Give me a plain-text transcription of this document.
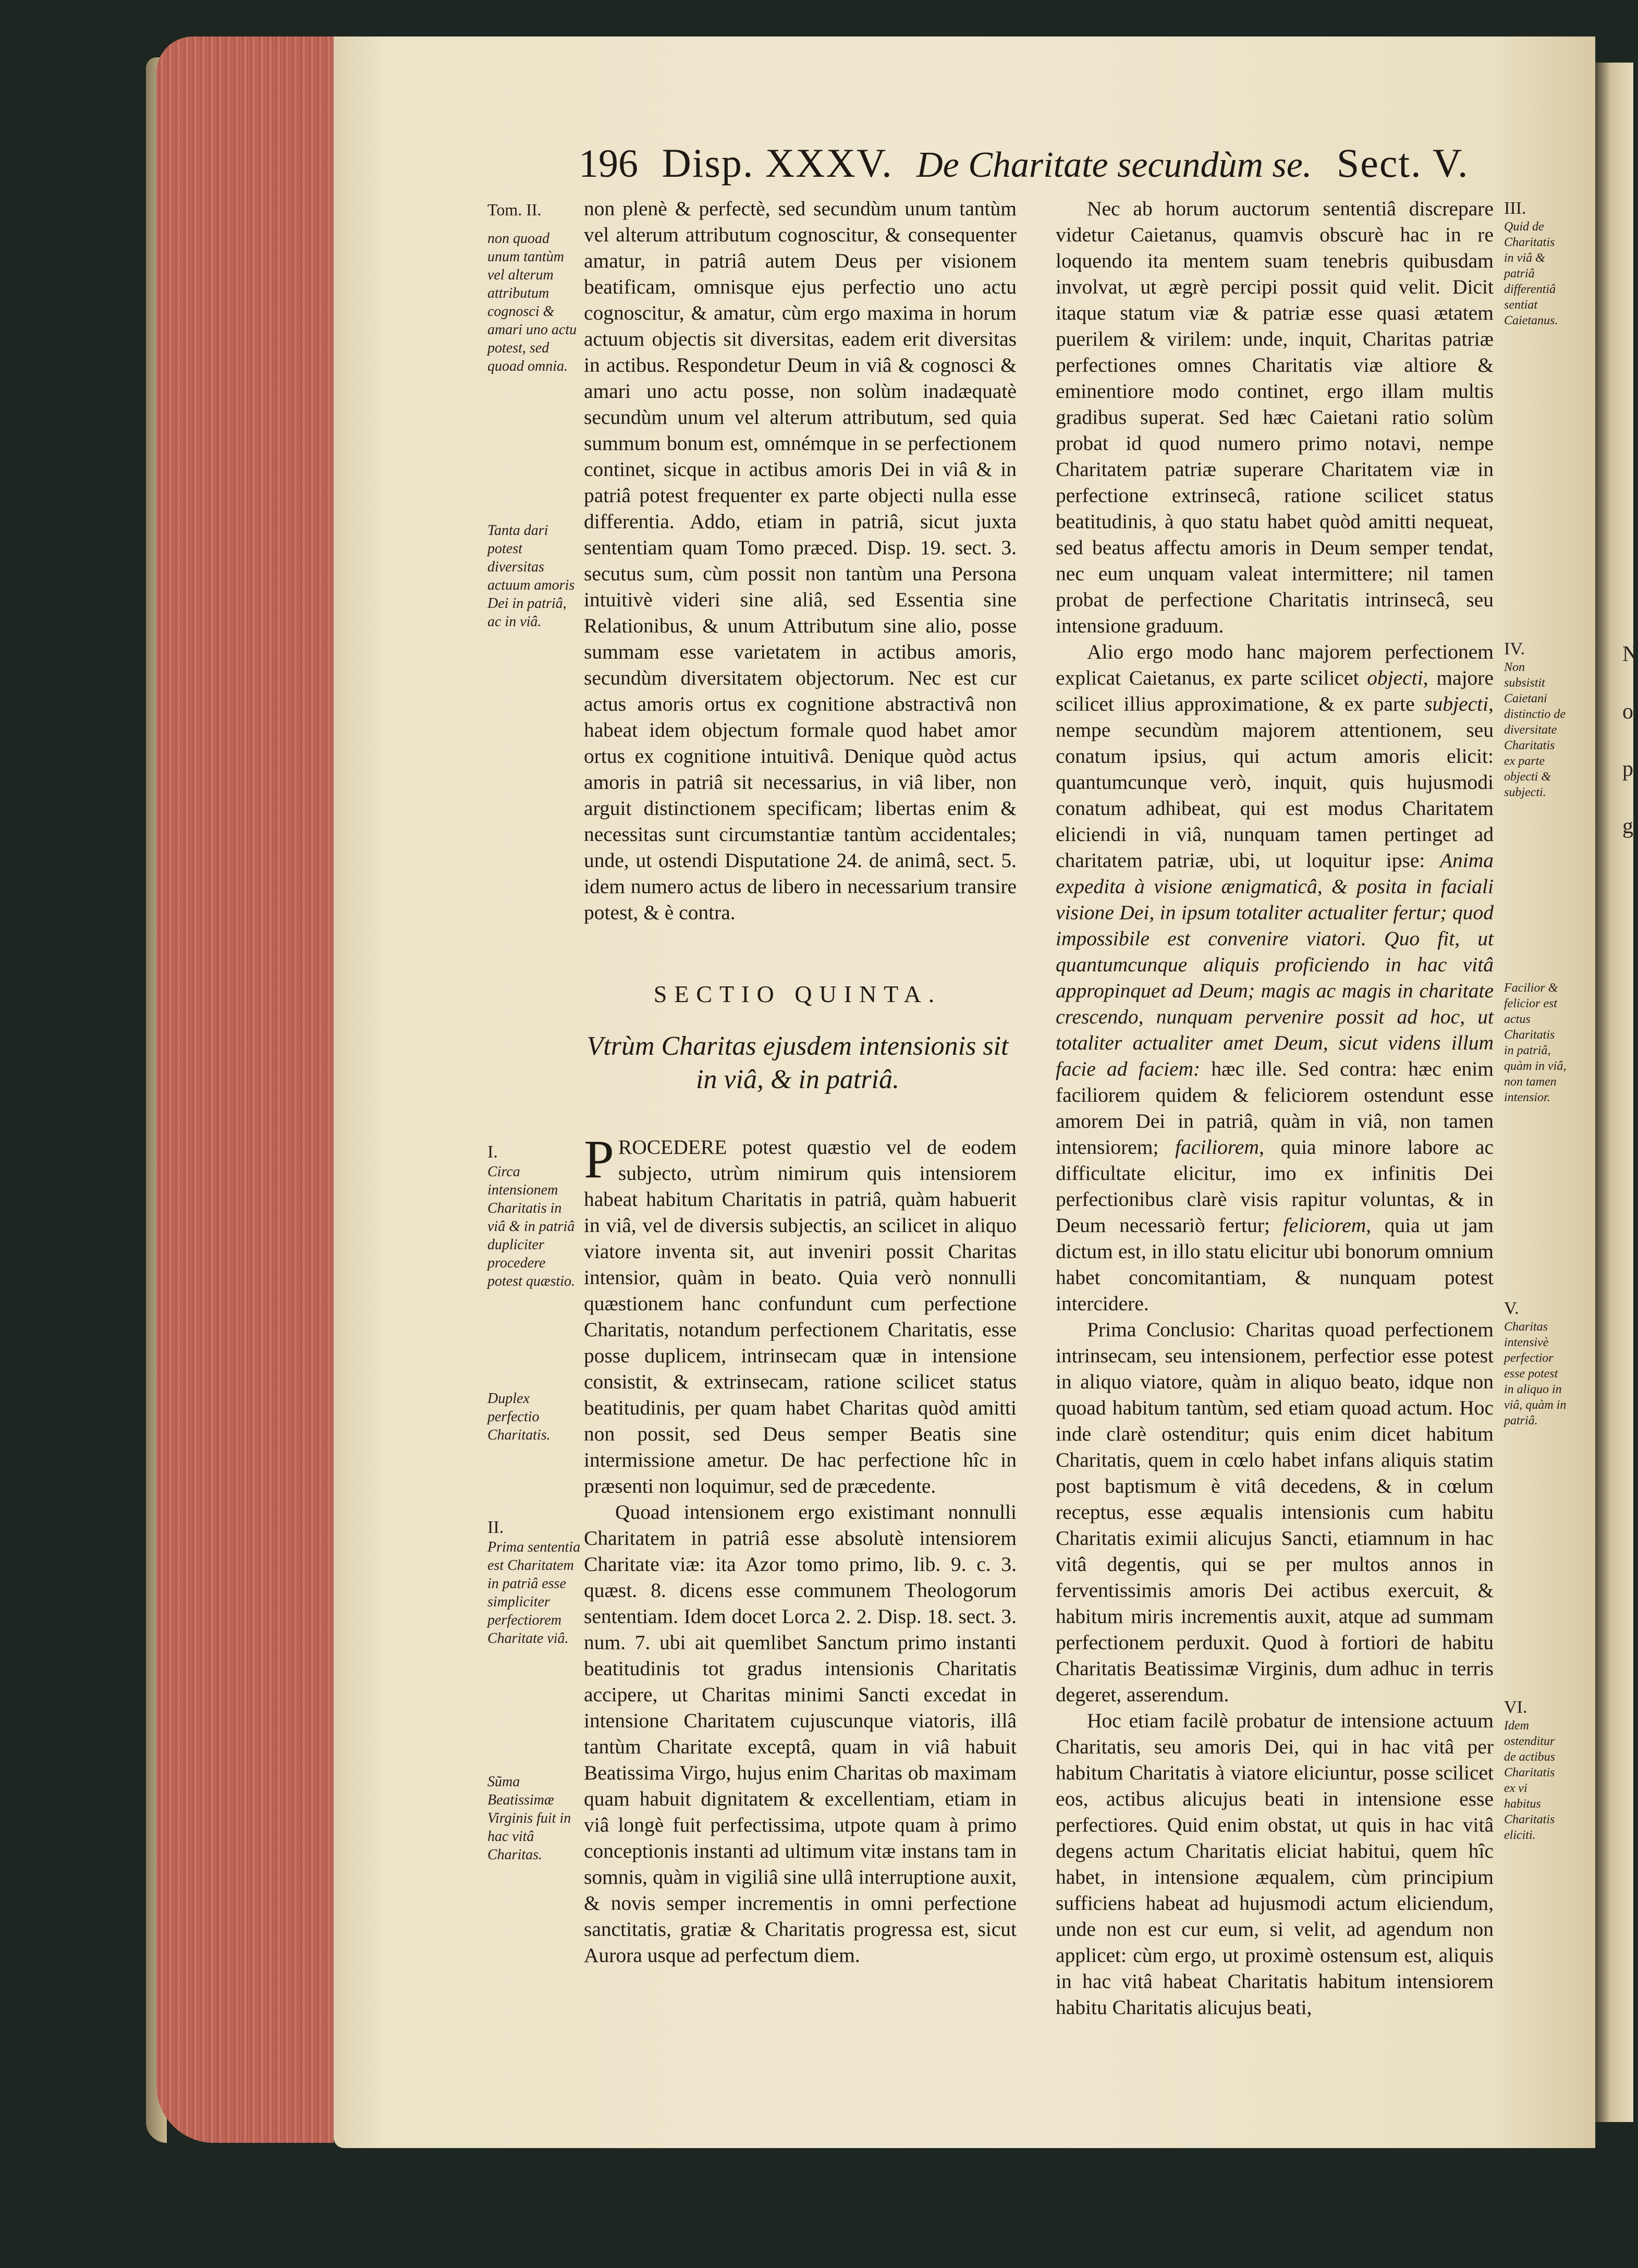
N o p g
196 Disp. XXXV. De Charitate secundùm se. Sect. V.
Tom. II.
non quoad unum tantùm vel alterum attributum cognosci & amari uno actu potest, sed quoad omnia.
Tanta dari potest diversitas actuum amoris Dei in patriâ, ac in viâ.
I.
Circa intensionem Charitatis in viâ & in patriâ dupliciter procedere potest quæstio.
Duplex perfectio Charitatis.
II.
Prima sententia est Charitatem in patriâ esse simpliciter perfectiorem Charitate viâ.
Sũma Beatissimæ Virginis fuit in hac vitâ Charitas.

non plenè & perfectè, sed secundùm unum tantùm vel alterum attributum cognoscitur, & consequenter amatur, in patriâ autem Deus per visionem beatificam, omnisque ejus perfectio uno actu cognoscitur, & amatur, cùm ergo maxima in horum actuum objectis sit diversitas, eadem erit diversitas in actibus. Respondetur Deum in viâ & cognosci & amari uno actu posse, non solùm inadæquatè secundùm unum vel alterum attributum, sed quia summum bonum est, omnémque in se perfectionem continet, sicque in actibus amoris Dei in viâ & in patriâ potest frequenter ex parte objecti nulla esse differentia. Addo, etiam in patriâ, sicut juxta sententiam quam Tomo præced. Disp. 19. sect. 3. secutus sum, cùm possit non tantùm una Persona intuitivè videri sine aliâ, sed Essentia sine Relationibus, & unum Attributum sine alio, posse summam esse varietatem in actibus amoris, secundùm diversitatem objectorum. Nec est cur actus amoris ortus ex cognitione abstractivâ non habeat idem objectum formale quod habet amor ortus ex cognitione intuitivâ. Denique quòd actus amoris in patriâ sit necessarius, in viâ liber, non arguit distinctionem specificam; libertas enim & necessitas sunt circumstantiæ tantùm accidentales; unde, ut ostendi Disputatione 24. de animâ, sect. 5. idem numero actus de libero in necessarium transire potest, & è contra.

SECTIO QUINTA.
Vtrùm Charitas ejusdem intensionis sit in viâ, & in patriâ.

PROCEDERE potest quæstio vel de eodem subjecto, utrùm nimirum quis intensiorem habeat habitum Charitatis in patriâ, quàm habuerit in viâ, vel de diversis subjectis, an scilicet in aliquo viatore inventa sit, aut inveniri possit Charitas intensior, quàm in beato. Quia verò nonnulli quæstionem hanc confundunt cum perfectione Charitatis, notandum perfectionem Charitatis, esse posse duplicem, intrinsecam quæ in intensione consistit, & extrinsecam, ratione scilicet status beatitudinis, per quam habet Charitas quòd amitti non possit, sed Deus semper Beatis sine intermissione ametur. De hac perfectione hîc in præsenti non loquimur, sed de præcedente.

Quoad intensionem ergo existimant nonnulli Charitatem in patriâ esse absolutè intensiorem Charitate viæ: ita Azor tomo primo, lib. 9. c. 3. quæst. 8. dicens esse communem Theologorum sententiam. Idem docet Lorca 2. 2. Disp. 18. sect. 3. num. 7. ubi ait quemlibet Sanctum primo instanti beatitudinis tot gradus intensionis Charitatis accipere, ut Charitas minimi Sancti excedat in intensione Charitatem cujuscunque viatoris, illâ tantùm Charitate exceptâ, quam in viâ habuit Beatissima Virgo, hujus enim Charitas ob maximam quam habuit dignitatem & excellentiam, etiam in viâ longè fuit perfectissima, utpote quam à primo conceptionis instanti ad ultimum vitæ instans tam in somnis, quàm in vigiliâ sine ullâ interruptione auxit, & novis semper incrementis in omni perfectione sanctitatis, gratiæ & Charitatis progressa est, sicut Aurora usque ad perfectum diem.

Nec ab horum auctorum sententiâ discrepare videtur Caietanus, quamvis obscurè hac in re loquendo ita mentem suam tenebris quibusdam involvat, ut ægrè percipi possit quid velit. Dicit itaque statum viæ & patriæ esse quasi ætatem puerilem & virilem: unde, inquit, Charitas patriæ perfectiones omnes Charitatis viæ altiore & eminentiore modo continet, ergo illam multis gradibus superat. Sed hæc Caietani ratio solùm probat id quod numero primo notavi, nempe Charitatem patriæ superare Charitatem viæ in perfectione extrinsecâ, ratione scilicet status beatitudinis, à quo statu habet quòd amitti nequeat, sed beatus affectu amoris in Deum semper tendat, nec eum unquam valeat intermittere; nil tamen probat de perfectione Charitatis intrinsecâ, seu intensione graduum.

Alio ergo modo hanc majorem perfectionem explicat Caietanus, ex parte scilicet objecti, majore scilicet illius approximatione, & ex parte subjecti, nempe secundùm majorem attentionem, seu conatum ipsius, qui actum amoris elicit: quantumcunque verò, inquit, quis hujusmodi conatum adhibeat, qui est modus Charitatem eliciendi in viâ, nunquam tamen pertinget ad charitatem patriæ, ubi, ut loquitur ipse: Anima expedita à visione ænigmaticâ, & posita in faciali visione Dei, in ipsum totaliter actualiter fertur; quod impossibile est convenire viatori. Quo fit, ut quantumcunque aliquis proficiendo in hac vitâ appropinquet ad Deum; magis ac magis in charitate crescendo, nunquam pervenire possit ad hoc, ut totaliter actualiter amet Deum, sicut videns illum facie ad faciem: hæc ille. Sed contra: hæc enim faciliorem quidem & feliciorem ostendunt esse amorem Dei in patriâ, quàm in viâ, non tamen intensiorem; faciliorem, quia minore labore ac difficultate elicitur, imo ex infinitis Dei perfectionibus clarè visis rapitur voluntas, & in Deum necessariò fertur; feliciorem, quia ut jam dictum est, in illo statu elicitur ubi bonorum omnium habet concomitantiam, & nunquam potest intercidere.

Prima Conclusio: Charitas quoad perfectionem intrinsecam, seu intensionem, perfectior esse potest in aliquo viatore, quàm in aliquo beato, idque non quoad habitum tantùm, sed etiam quoad actum. Hoc inde clarè ostenditur; quis enim dicet habitum Charitatis, quem in cœlo habet infans aliquis statim post baptismum è vitâ decedens, & in cœlum receptus, esse æqualis intensionis cum habitu Charitatis eximii alicujus Sancti, etiamnum in hac vitâ degentis, qui se per multos annos in ferventissimis amoris Dei actibus exercuit, & habitum miris incrementis auxit, atque ad summam perfectionem perduxit. Quod à fortiori de habitu Charitatis Beatissimæ Virginis, dum adhuc in terris degeret, asserendum.

Hoc etiam facilè probatur de intensione actuum Charitatis, seu amoris Dei, qui in hac vitâ per habitum Charitatis à viatore eliciuntur, posse scilicet eos, actibus alicujus beati in intensione esse perfectiores. Quid enim obstat, ut quis in hac vitâ degens actum Charitatis eliciat habitui, quem hîc habet, in intensione æqualem, cùm principium sufficiens habeat ad hujusmodi actum eliciendum, unde non est cur eum, si velit, ad agendum non applicet: cùm ergo, ut proximè ostensum est, aliquis in hac vitâ habeat Charitatis habitum intensiorem habitu Charitatis alicujus beati,

III.
Quid de Charitatis in viâ & patriâ differentiâ sentiat Caietanus.
IV.
Non subsistit Caietani distinctio de diversitate Charitatis ex parte objecti & subjecti.
Facilior & felicior est actus Charitatis in patriâ, quàm in viâ, non tamen intensior.
V.
Charitas intensivè perfectior esse potest in aliquo in viâ, quàm in patriâ.
VI.
Idem ostenditur de actibus Charitatis ex vi habitus Charitatis eliciti.
